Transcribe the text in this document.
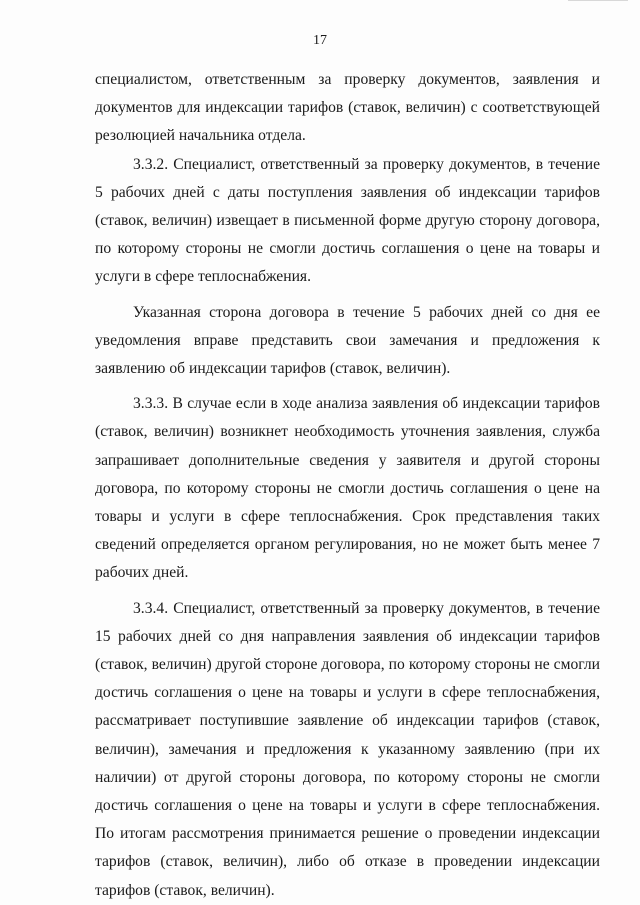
17

специалистом, ответственным за проверку документов, заявления и документов для индексации тарифов (ставок, величин) с соответствующей резолюцией начальника отдела.

3.3.2. Специалист, ответственный за проверку документов, в течение 5 рабочих дней с даты поступления заявления об индексации тарифов (ставок, величин) извещает в письменной форме другую сторону договора, по которому стороны не смогли достичь соглашения о цене на товары и услуги в сфере теплоснабжения.

Указанная сторона договора в течение 5 рабочих дней со дня ее уведомления вправе представить свои замечания и предложения к заявлению об индексации тарифов (ставок, величин).

3.3.3. В случае если в ходе анализа заявления об индексации тарифов (ставок, величин) возникнет необходимость уточнения заявления, служба запрашивает дополнительные сведения у заявителя и другой стороны договора, по которому стороны не смогли достичь соглашения о цене на товары и услуги в сфере теплоснабжения. Срок представления таких сведений определяется органом регулирования, но не может быть менее 7 рабочих дней.

3.3.4. Специалист, ответственный за проверку документов, в течение 15 рабочих дней со дня направления заявления об индексации тарифов (ставок, величин) другой стороне договора, по которому стороны не смогли достичь соглашения о цене на товары и услуги в сфере теплоснабжения, рассматривает поступившие заявление об индексации тарифов (ставок, величин), замечания и предложения к указанному заявлению (при их наличии) от другой стороны договора, по которому стороны не смогли достичь соглашения о цене на товары и услуги в сфере теплоснабжения. По итогам рассмотрения принимается решение о проведении индексации тарифов (ставок, величин), либо об отказе в проведении индексации тарифов (ставок, величин).
